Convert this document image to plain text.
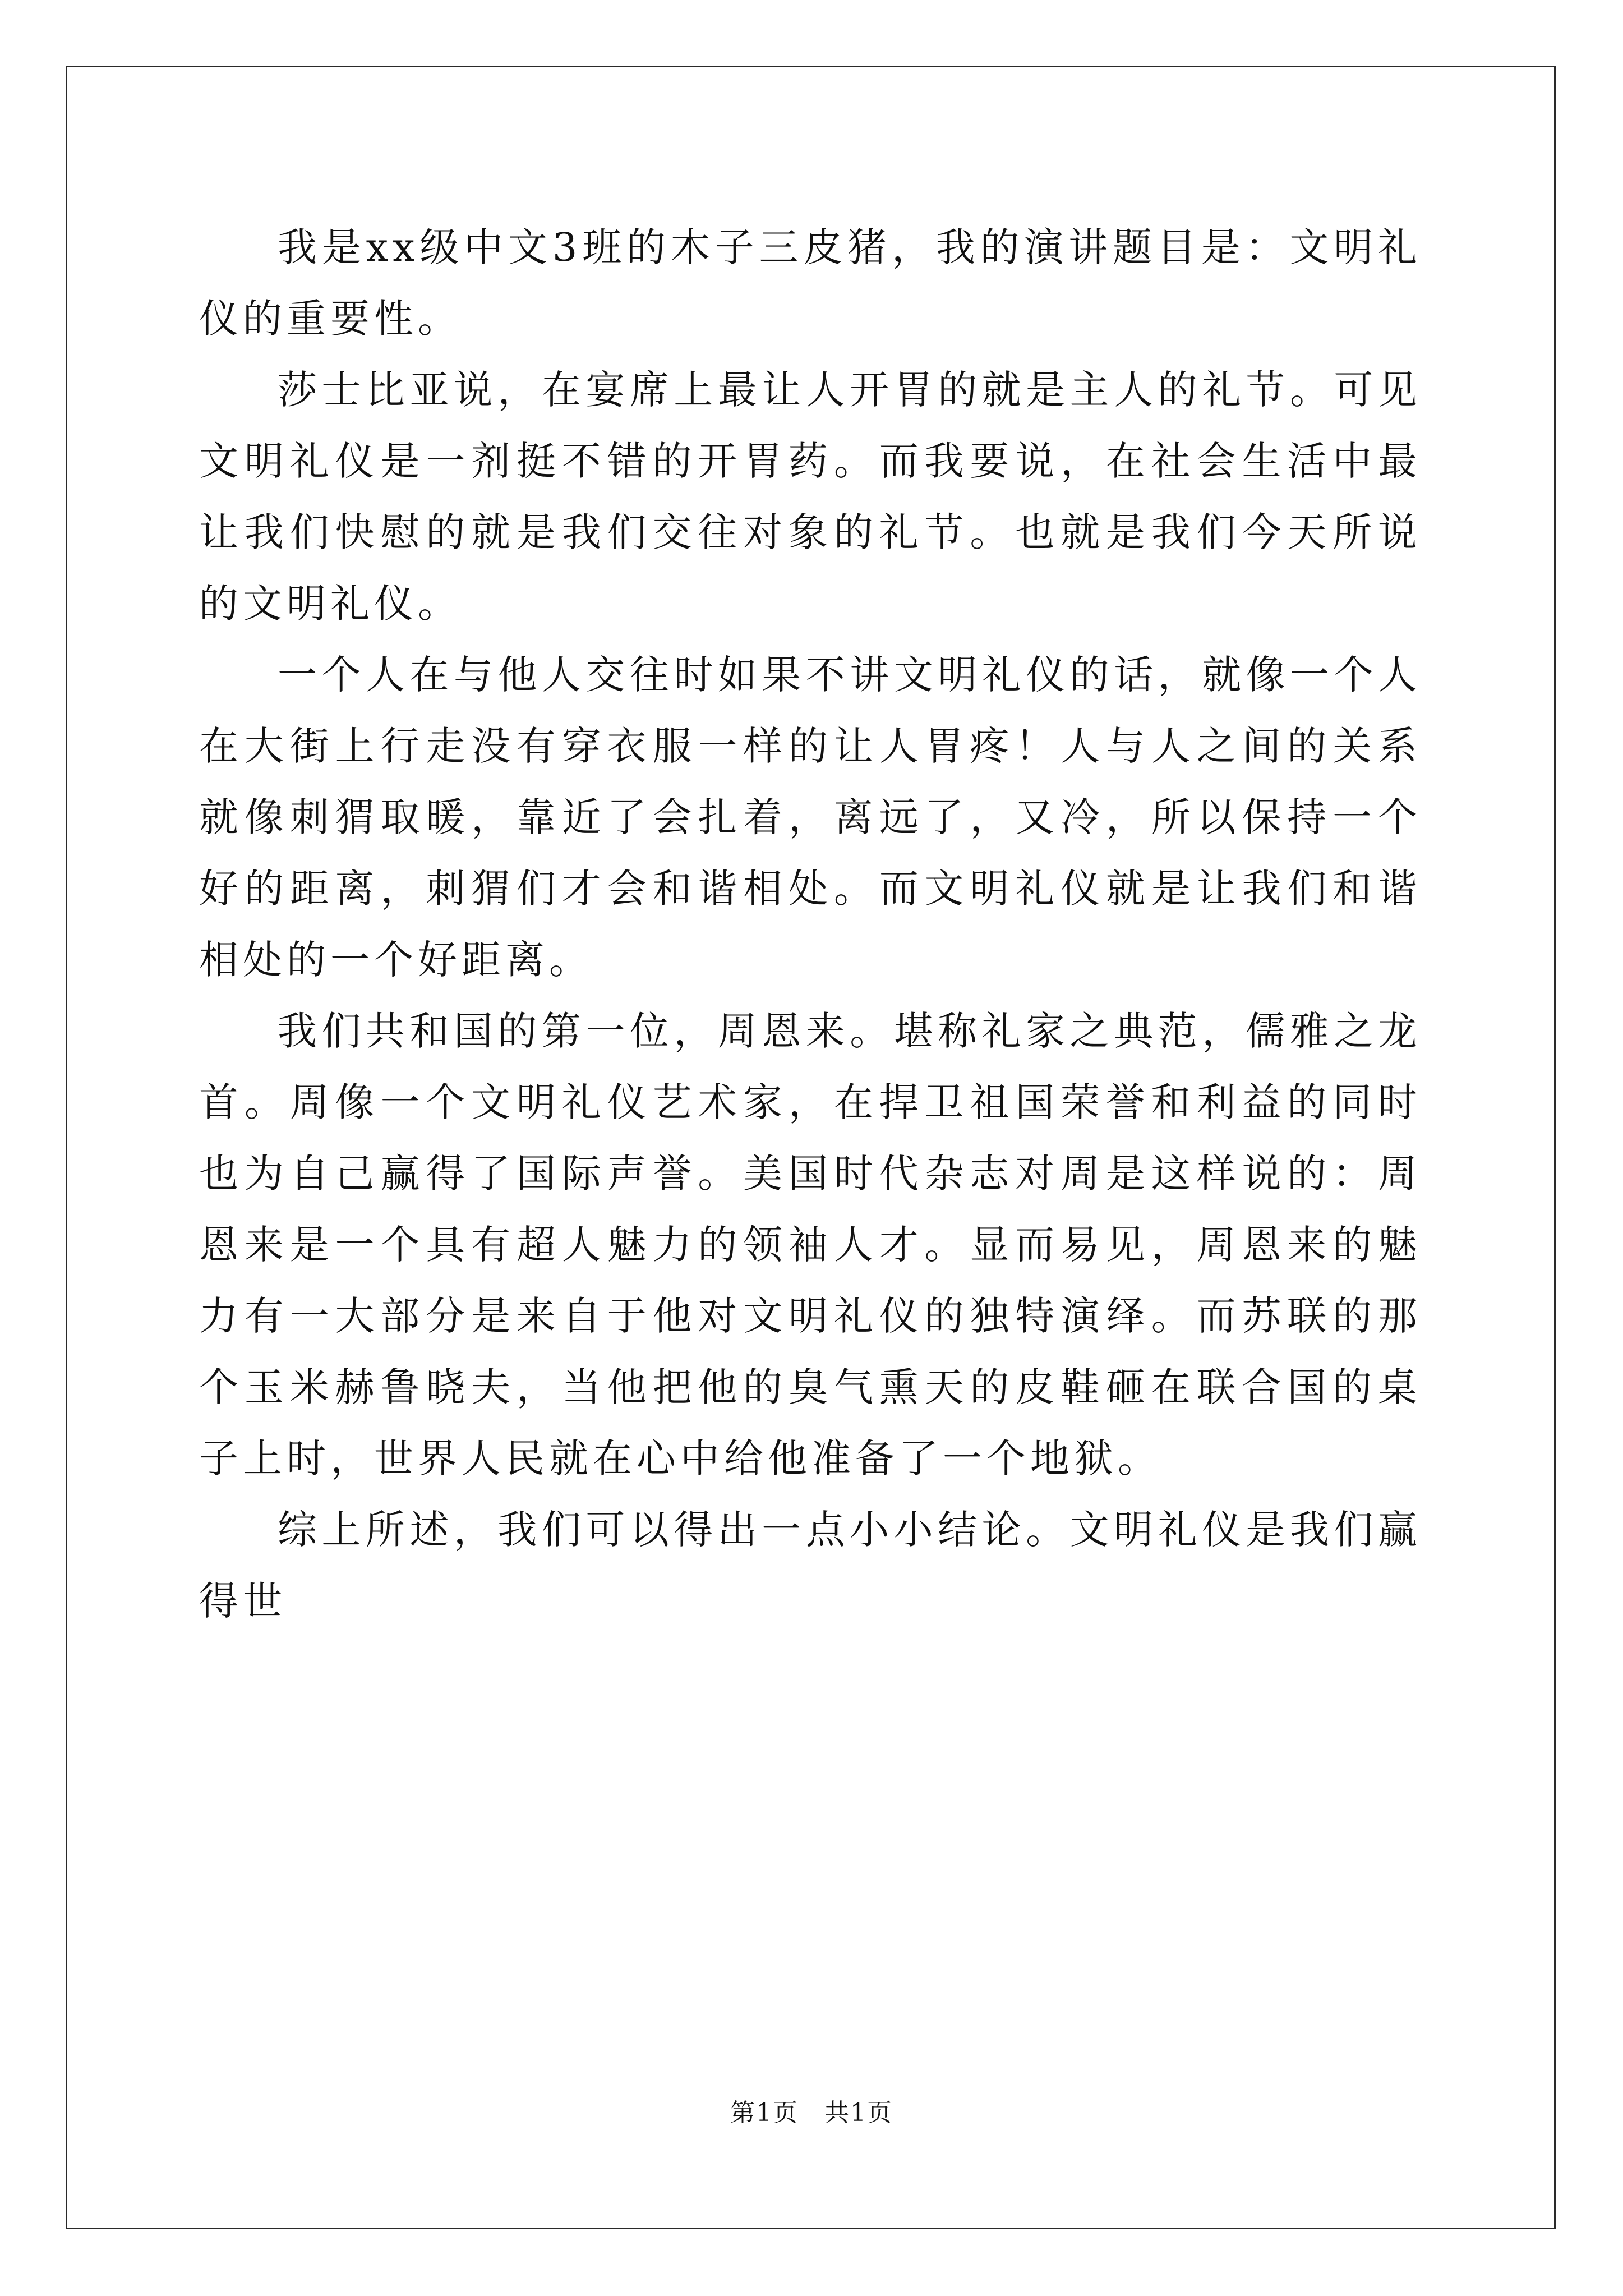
我是xx级中文3班的木子三皮猪，我的演讲题目是：文明礼仪的重要性。

莎士比亚说，在宴席上最让人开胃的就是主人的礼节。可见文明礼仪是一剂挺不错的开胃药。而我要说，在社会生活中最让我们快慰的就是我们交往对象的礼节。也就是我们今天所说的文明礼仪。

一个人在与他人交往时如果不讲文明礼仪的话，就像一个人在大街上行走没有穿衣服一样的让人胃疼！人与人之间的关系就像刺猬取暖，靠近了会扎着，离远了，又冷，所以保持一个好的距离，刺猬们才会和谐相处。而文明礼仪就是让我们和谐相处的一个好距离。

我们共和国的第一位，周恩来。堪称礼家之典范，儒雅之龙首。周像一个文明礼仪艺术家，在捍卫祖国荣誉和利益的同时也为自己赢得了国际声誉。美国时代杂志对周是这样说的：周恩来是一个具有超人魅力的领袖人才。显而易见，周恩来的魅力有一大部分是来自于他对文明礼仪的独特演绎。而苏联的那个玉米赫鲁晓夫，当他把他的臭气熏天的皮鞋砸在联合国的桌子上时，世界人民就在心中给他准备了一个地狱。

综上所述，我们可以得出一点小小结论。文明礼仪是我们赢得世

第1页　共1页
